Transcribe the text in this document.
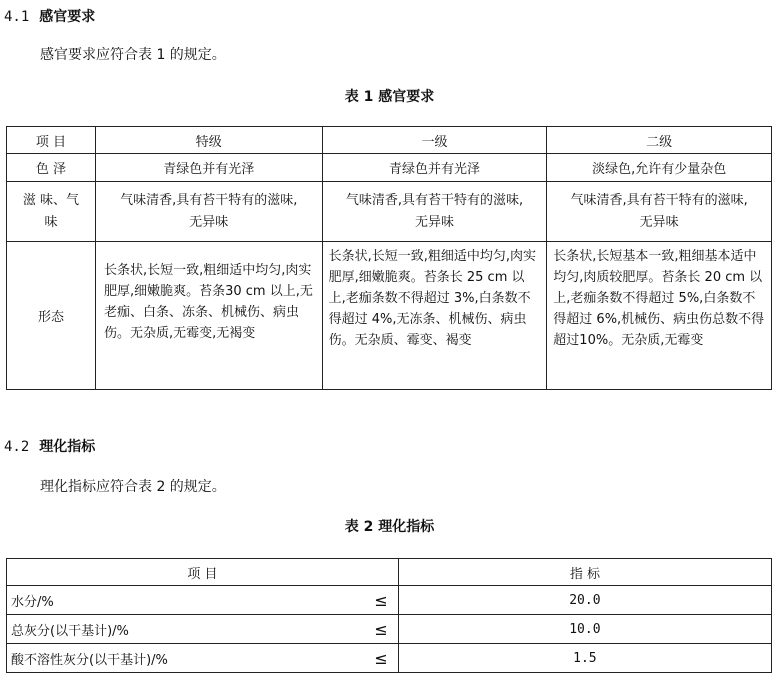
4.1 感官要求
感官要求应符合表 1 的规定。
表 1 感官要求
项 目	特级	一级	二级
色 泽	青绿色并有光泽	青绿色并有光泽	淡绿色,允许有少量杂色
滋 味、气 味	气味清香,具有苔干特有的滋味,无异味	气味清香,具有苔干特有的滋味,无异味	气味清香,具有苔干特有的滋味,无异味
形态	长条状,长短一致,粗细适中均匀,肉实肥厚,细嫩脆爽。苔条30 cm 以上,无老痂、白条、冻条、机械伤、病虫伤。无杂质,无霉变,无褐变	长条状,长短一致,粗细适中均匀,肉实肥厚,细嫩脆爽。苔条长 25 cm 以上,老痂条数不得超过 3%,白条数不得超过 4%,无冻条、机械伤、病虫伤。无杂质、霉变、褐变	长条状,长短基本一致,粗细基本适中均匀,肉质较肥厚。苔条长 20 cm 以上,老痂条数不得超过 5%,白条数不得超过 6%,机械伤、病虫伤总数不得超过10%。无杂质,无霉变
4.2 理化指标
理化指标应符合表 2 的规定。
表 2 理化指标
项 目		指 标
水分/%	≤	20.0
总灰分(以干基计)/%	≤	10.0
酸不溶性灰分(以干基计)/%	≤	1.5
